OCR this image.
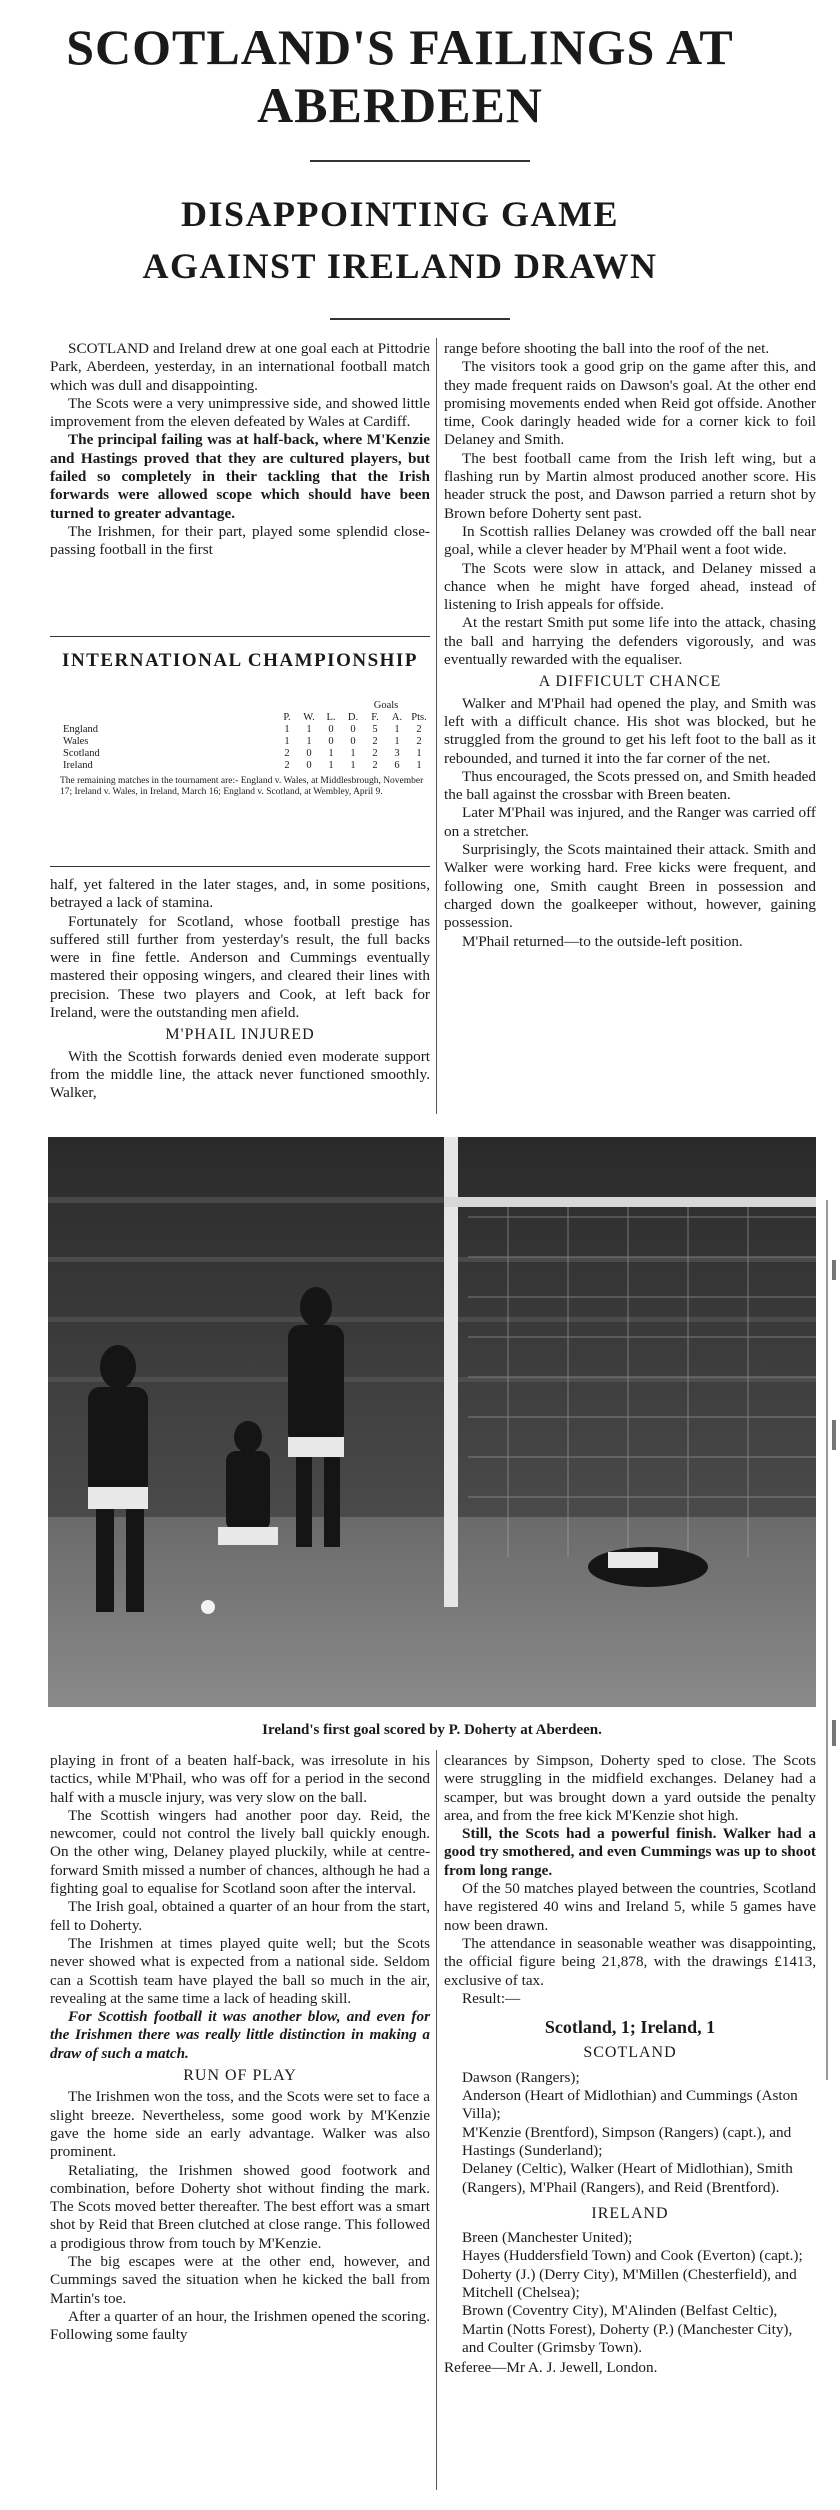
SCOTLAND'S FAILINGS AT ABERDEEN
DISAPPOINTING GAME AGAINST IRELAND DRAWN

SCOTLAND and Ireland drew at one goal each at Pittodrie Park, Aberdeen, yesterday, in an international football match which was dull and disappointing.

The Scots were a very unimpressive side, and showed little improvement from the eleven defeated by Wales at Cardiff.

The principal failing was at half-back, where M'Kenzie and Hastings proved that they are cultured players, but failed so completely in their tackling that the Irish forwards were allowed scope which should have been turned to greater advantage.

The Irishmen, for their part, played some splendid close-passing football in the first

INTERNATIONAL CHAMPIONSHIP
					Goals		
	P.	W.	L.	D.	F.	A.	Pts.
England	1	1	0	0	5	1	2
Wales	1	1	0	0	2	1	2
Scotland	2	0	1	1	2	3	1
Ireland	2	0	1	1	2	6	1
The remaining matches in the tournament are:- England v. Wales, at Middlesbrough, November 17; Ireland v. Wales, in Ireland, March 16; England v. Scotland, at Wembley, April 9.

half, yet faltered in the later stages, and, in some positions, betrayed a lack of stamina.

Fortunately for Scotland, whose football prestige has suffered still further from yesterday's result, the full backs were in fine fettle. Anderson and Cummings eventually mastered their opposing wingers, and cleared their lines with precision. These two players and Cook, at left back for Ireland, were the outstanding men afield.

M'PHAIL INJURED

With the Scottish forwards denied even moderate support from the middle line, the attack never functioned smoothly. Walker,

range before shooting the ball into the roof of the net.

The visitors took a good grip on the game after this, and they made frequent raids on Dawson's goal. At the other end promising movements ended when Reid got offside. Another time, Cook daringly headed wide for a corner kick to foil Delaney and Smith.

The best football came from the Irish left wing, but a flashing run by Martin almost produced another score. His header struck the post, and Dawson parried a return shot by Brown before Doherty sent past.

In Scottish rallies Delaney was crowded off the ball near goal, while a clever header by M'Phail went a foot wide.

The Scots were slow in attack, and Delaney missed a chance when he might have forged ahead, instead of listening to Irish appeals for offside.

At the restart Smith put some life into the attack, chasing the ball and harrying the defenders vigorously, and was eventually rewarded with the equaliser.

A DIFFICULT CHANCE

Walker and M'Phail had opened the play, and Smith was left with a difficult chance. His shot was blocked, but he struggled from the ground to get his left foot to the ball as it rebounded, and turned it into the far corner of the net.

Thus encouraged, the Scots pressed on, and Smith headed the ball against the crossbar with Breen beaten.

Later M'Phail was injured, and the Ranger was carried off on a stretcher.

Surprisingly, the Scots maintained their attack. Smith and Walker were working hard. Free kicks were frequent, and following one, Smith caught Breen in possession and charged down the goalkeeper without, however, gaining possession.

M'Phail returned—to the outside-left position.

Ireland's first goal scored by P. Doherty at Aberdeen.

playing in front of a beaten half-back, was irresolute in his tactics, while M'Phail, who was off for a period in the second half with a muscle injury, was very slow on the ball.

The Scottish wingers had another poor day. Reid, the newcomer, could not control the lively ball quickly enough. On the other wing, Delaney played pluckily, while at centre-forward Smith missed a number of chances, although he had a fighting goal to equalise for Scotland soon after the interval.

The Irish goal, obtained a quarter of an hour from the start, fell to Doherty.

The Irishmen at times played quite well; but the Scots never showed what is expected from a national side. Seldom can a Scottish team have played the ball so much in the air, revealing at the same time a lack of heading skill.

For Scottish football it was another blow, and even for the Irishmen there was really little distinction in making a draw of such a match.

RUN OF PLAY

The Irishmen won the toss, and the Scots were set to face a slight breeze. Nevertheless, some good work by M'Kenzie gave the home side an early advantage. Walker was also prominent.

Retaliating, the Irishmen showed good footwork and combination, before Doherty shot without finding the mark. The Scots moved better thereafter. The best effort was a smart shot by Reid that Breen clutched at close range. This followed a prodigious throw from touch by M'Kenzie.

The big escapes were at the other end, however, and Cummings saved the situation when he kicked the ball from Martin's toe.

After a quarter of an hour, the Irishmen opened the scoring. Following some faulty

clearances by Simpson, Doherty sped to close. The Scots were struggling in the midfield exchanges. Delaney had a scamper, but was brought down a yard outside the penalty area, and from the free kick M'Kenzie shot high.

Still, the Scots had a powerful finish. Walker had a good try smothered, and even Cummings was up to shoot from long range.

Of the 50 matches played between the countries, Scotland have registered 40 wins and Ireland 5, while 5 games have now been drawn.

The attendance in seasonable weather was disappointing, the official figure being 21,878, with the drawings £1413, exclusive of tax.

Result:—

Scotland, 1; Ireland, 1
SCOTLAND

Dawson (Rangers);

Anderson (Heart of Midlothian) and Cummings (Aston Villa);

M'Kenzie (Brentford), Simpson (Rangers) (capt.), and Hastings (Sunderland);

Delaney (Celtic), Walker (Heart of Midlothian), Smith (Rangers), M'Phail (Rangers), and Reid (Brentford).

IRELAND

Breen (Manchester United);

Hayes (Huddersfield Town) and Cook (Everton) (capt.);

Doherty (J.) (Derry City), M'Millen (Chesterfield), and Mitchell (Chelsea);

Brown (Coventry City), M'Alinden (Belfast Celtic), Martin (Notts Forest), Doherty (P.) (Manchester City), and Coulter (Grimsby Town).

Referee—Mr A. J. Jewell, London.
